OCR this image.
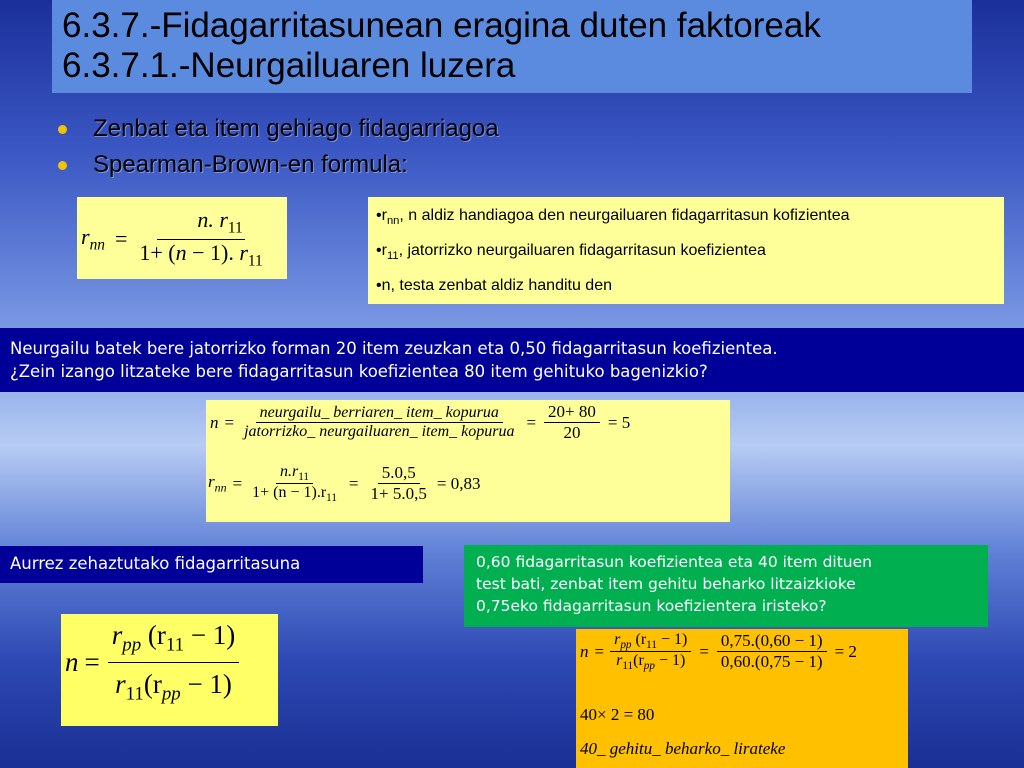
6.3.7.-Fidagarritasunean eragina duten faktoreak
6.3.7.1.-Neurgailuaren luzera
Zenbat eta item gehiago fidagarriagoa
Spearman-Brown-en formula:
$r_{nn} = \frac{n. r_{11}}{1+ (n - 1). r_{11}}$	$•r_{nn}$, n aldiz handiagoa den neurgailuaren fidagarritasun kofizientea
$•r_{11}$, jatorrizko neurgailuaren fidagarritasun koefizientea
•n, testa zenbat aldiz handitu den
Neurgailu batek bere jatorrizko forman 20 item zeuzkan eta 0,50 fidagarritasun koefizientea.
¿Zein izango litzateke bere fidagarritasun koefizientea 80 item gehituko bagenizkio?
$n = \frac{\text{neurgailu\_ berriaren\_ item\_ kopurua}}{\text{jatorrizko\_ neurgailuaren\_ item\_ kopurua}} = \frac{20+ 80}{20} = 5$
$r_{nn} = \frac{n.r_{11}}{1+ (n - 1).r_{11}} = \frac{5.0,5}{1+ 5.0,5} = 0,83$
Aurrez zehaztutako fidagarritasuna	0,60 fidagarritasun koefizientea eta 40 item dituen
test bati, zenbat item gehitu beharko litzaizkioke
0,75eko fidagarritasun koefizientera iristeko?
$n = \frac{r_{pp} (r_{11} - 1)}{r_{11}(r_{pp} - 1)}$	$n = \frac{r_{pp} (r_{11} - 1)}{r_{11}(r_{pp} - 1)} = \frac{0,75.(0,60 - 1)}{0,60.(0,75 - 1)} = 2$
40× 2 = 80
40_ gehitu_ beharko_ lirateke
